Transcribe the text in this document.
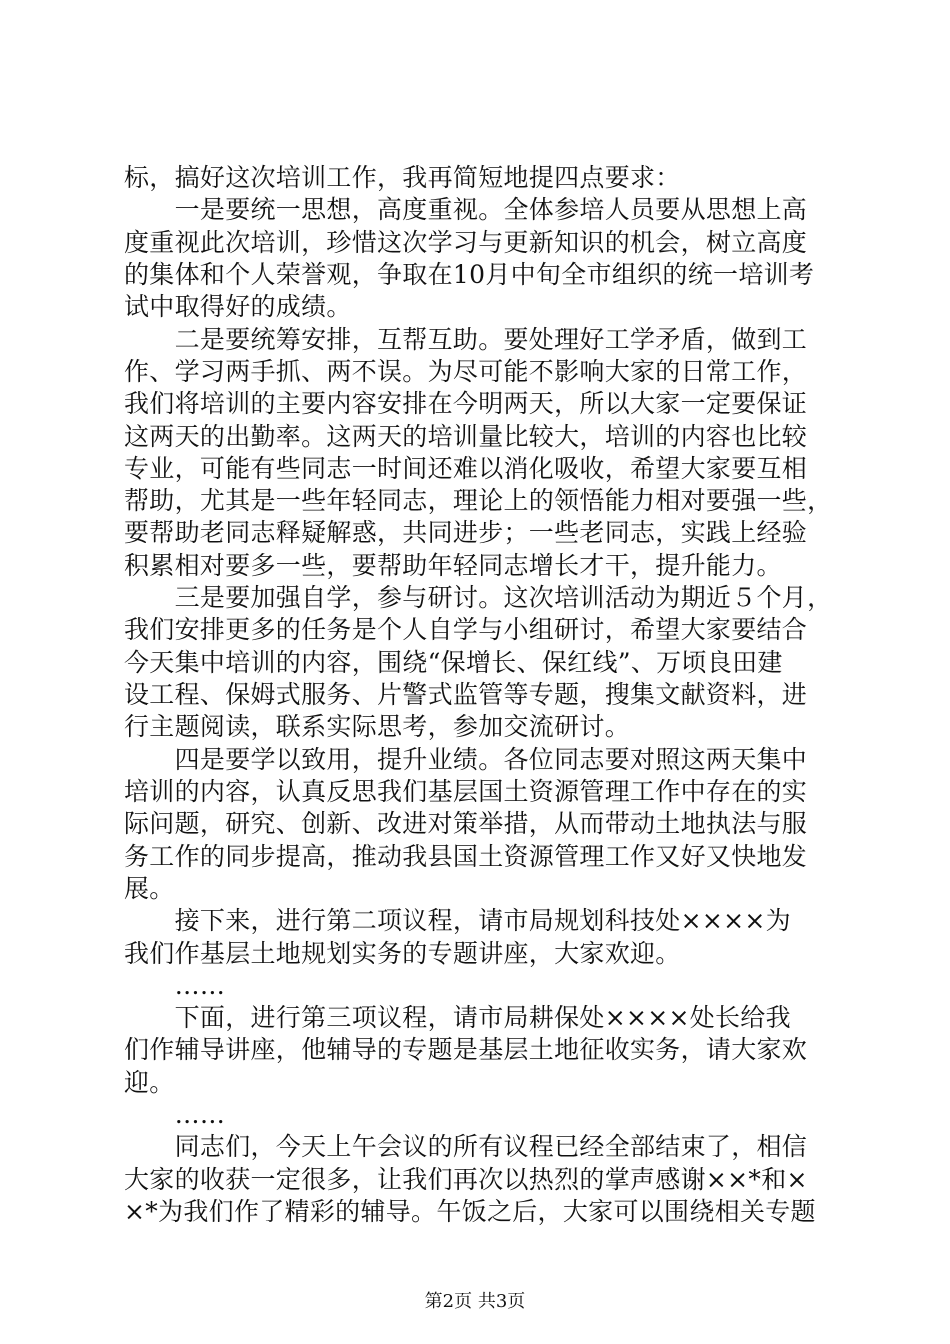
标，搞好这次培训工作，我再简短地提四点要求：
　　一是要统一思想，高度重视。全体参培人员要从思想上高
度重视此次培训，珍惜这次学习与更新知识的机会，树立高度
的集体和个人荣誉观，争取在10月中旬全市组织的统一培训考
试中取得好的成绩。
　　二是要统筹安排，互帮互助。要处理好工学矛盾，做到工
作、学习两手抓、两不误。为尽可能不影响大家的日常工作，
我们将培训的主要内容安排在今明两天，所以大家一定要保证
这两天的出勤率。这两天的培训量比较大，培训的内容也比较
专业，可能有些同志一时间还难以消化吸收，希望大家要互相
帮助，尤其是一些年轻同志，理论上的领悟能力相对要强一些，
要帮助老同志释疑解惑，共同进步；一些老同志，实践上经验
积累相对要多一些，要帮助年轻同志增长才干，提升能力。
　　三是要加强自学，参与研讨。这次培训活动为期近５个月，
我们安排更多的任务是个人自学与小组研讨，希望大家要结合
今天集中培训的内容，围绕“保增长、保红线”、万顷良田建
设工程、保姆式服务、片警式监管等专题，搜集文献资料，进
行主题阅读，联系实际思考，参加交流研讨。
　　四是要学以致用，提升业绩。各位同志要对照这两天集中
培训的内容，认真反思我们基层国土资源管理工作中存在的实
际问题，研究、创新、改进对策举措，从而带动土地执法与服
务工作的同步提高，推动我县国土资源管理工作又好又快地发
展。
　　接下来，进行第二项议程，请市局规划科技处××××为
我们作基层土地规划实务的专题讲座，大家欢迎。
　　……
　　下面，进行第三项议程，请市局耕保处××××处长给我
们作辅导讲座，他辅导的专题是基层土地征收实务，请大家欢
迎。
　　……
　　同志们，今天上午会议的所有议程已经全部结束了，相信
大家的收获一定很多，让我们再次以热烈的掌声感谢××*和×
×*为我们作了精彩的辅导。午饭之后，大家可以围绕相关专题
第2页 共3页
